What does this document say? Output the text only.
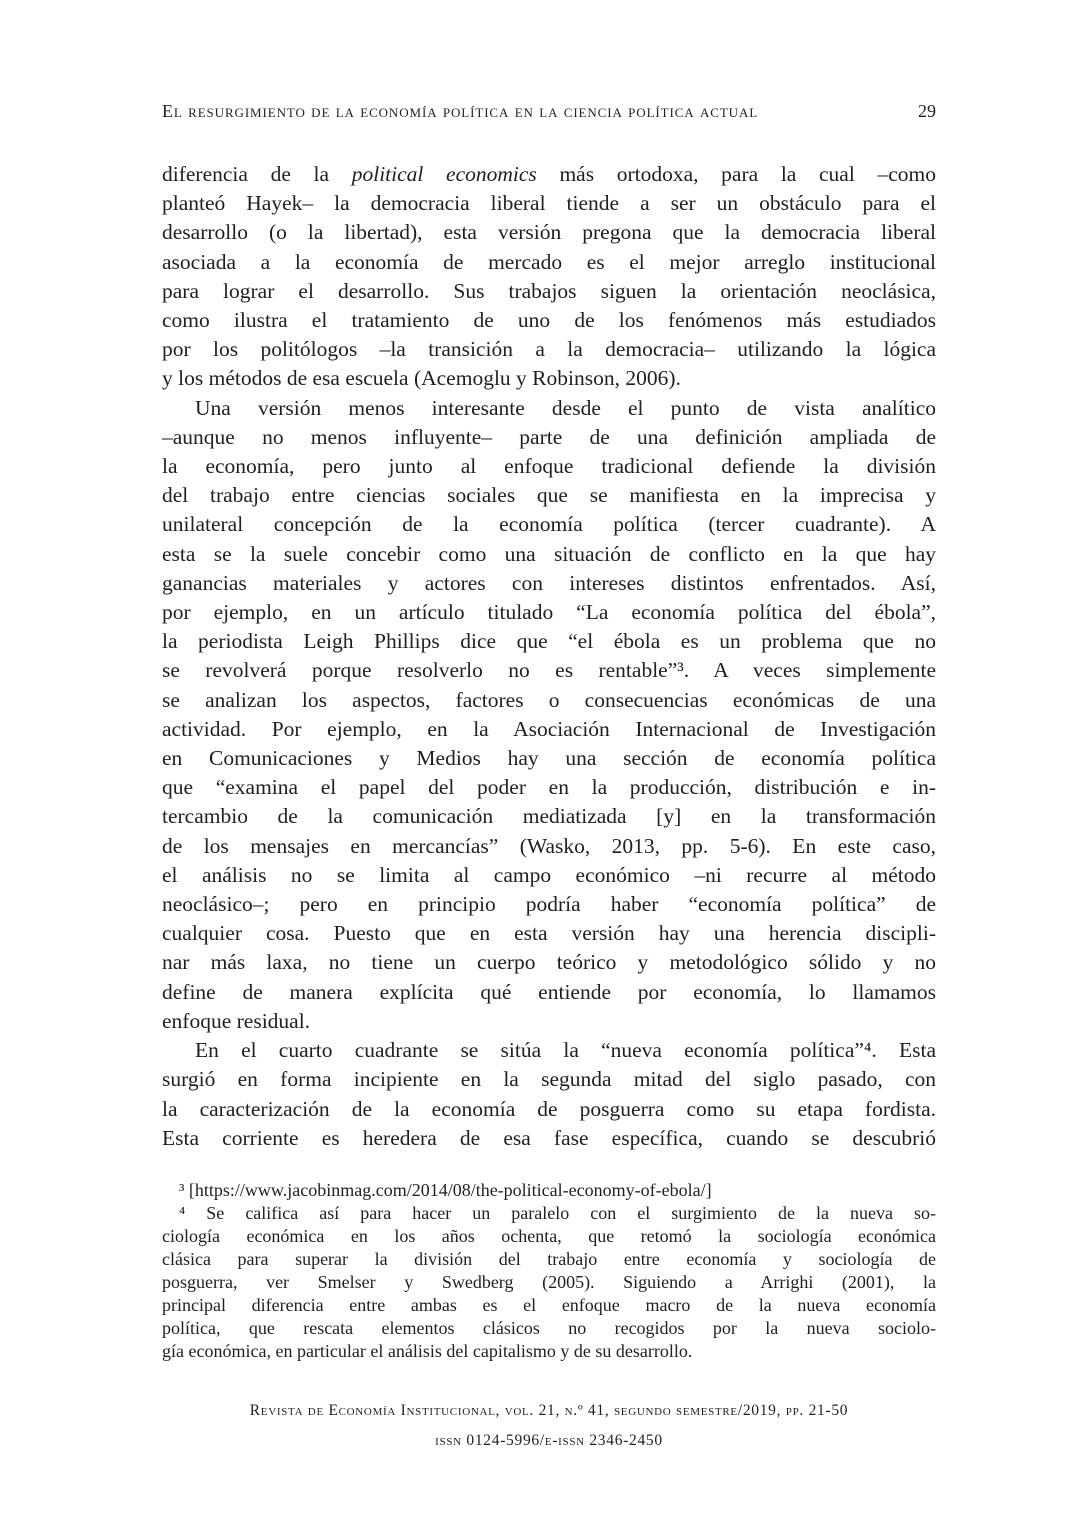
El resurgimiento de la economía política en la ciencia política actual	29
diferencia de la political economics más ortodoxa, para la cual –como
planteó Hayek– la democracia liberal tiende a ser un obstáculo para el
desarrollo (o la libertad), esta versión pregona que la democracia liberal
asociada a la economía de mercado es el mejor arreglo institucional
para lograr el desarrollo. Sus trabajos siguen la orientación neoclásica,
como ilustra el tratamiento de uno de los fenómenos más estudiados
por los politólogos –la transición a la democracia– utilizando la lógica
y los métodos de esa escuela (Acemoglu y Robinson, 2006).
Una versión menos interesante desde el punto de vista analítico
–aunque no menos influyente– parte de una definición ampliada de
la economía, pero junto al enfoque tradicional defiende la división
del trabajo entre ciencias sociales que se manifiesta en la imprecisa y
unilateral concepción de la economía política (tercer cuadrante). A
esta se la suele concebir como una situación de conflicto en la que hay
ganancias materiales y actores con intereses distintos enfrentados. Así,
por ejemplo, en un artículo titulado “La economía política del ébola”,
la periodista Leigh Phillips dice que “el ébola es un problema que no
se revolverá porque resolverlo no es rentable”³. A veces simplemente
se analizan los aspectos, factores o consecuencias económicas de una
actividad. Por ejemplo, en la Asociación Internacional de Investigación
en Comunicaciones y Medios hay una sección de economía política
que “examina el papel del poder en la producción, distribución e in-
tercambio de la comunicación mediatizada [y] en la transformación
de los mensajes en mercancías” (Wasko, 2013, pp. 5-6). En este caso,
el análisis no se limita al campo económico –ni recurre al método
neoclásico–; pero en principio podría haber “economía política” de
cualquier cosa. Puesto que en esta versión hay una herencia discipli-
nar más laxa, no tiene un cuerpo teórico y metodológico sólido y no
define de manera explícita qué entiende por economía, lo llamamos
enfoque residual.
En el cuarto cuadrante se sitúa la “nueva economía política”⁴. Esta
surgió en forma incipiente en la segunda mitad del siglo pasado, con
la caracterización de la economía de posguerra como su etapa fordista.
Esta corriente es heredera de esa fase específica, cuando se descubrió
³ [https://www.jacobinmag.com/2014/08/the-political-economy-of-ebola/]
⁴ Se califica así para hacer un paralelo con el surgimiento de la nueva so-
ciología económica en los años ochenta, que retomó la sociología económica
clásica para superar la división del trabajo entre economía y sociología de
posguerra, ver Smelser y Swedberg (2005). Siguiendo a Arrighi (2001), la
principal diferencia entre ambas es el enfoque macro de la nueva economía
política, que rescata elementos clásicos no recogidos por la nueva sociolo-
gía económica, en particular el análisis del capitalismo y de su desarrollo.
Revista de Economía Institucional, vol. 21, n.º 41, segundo semestre/2019, pp. 21-50
issn 0124-5996/e-issn 2346-2450
